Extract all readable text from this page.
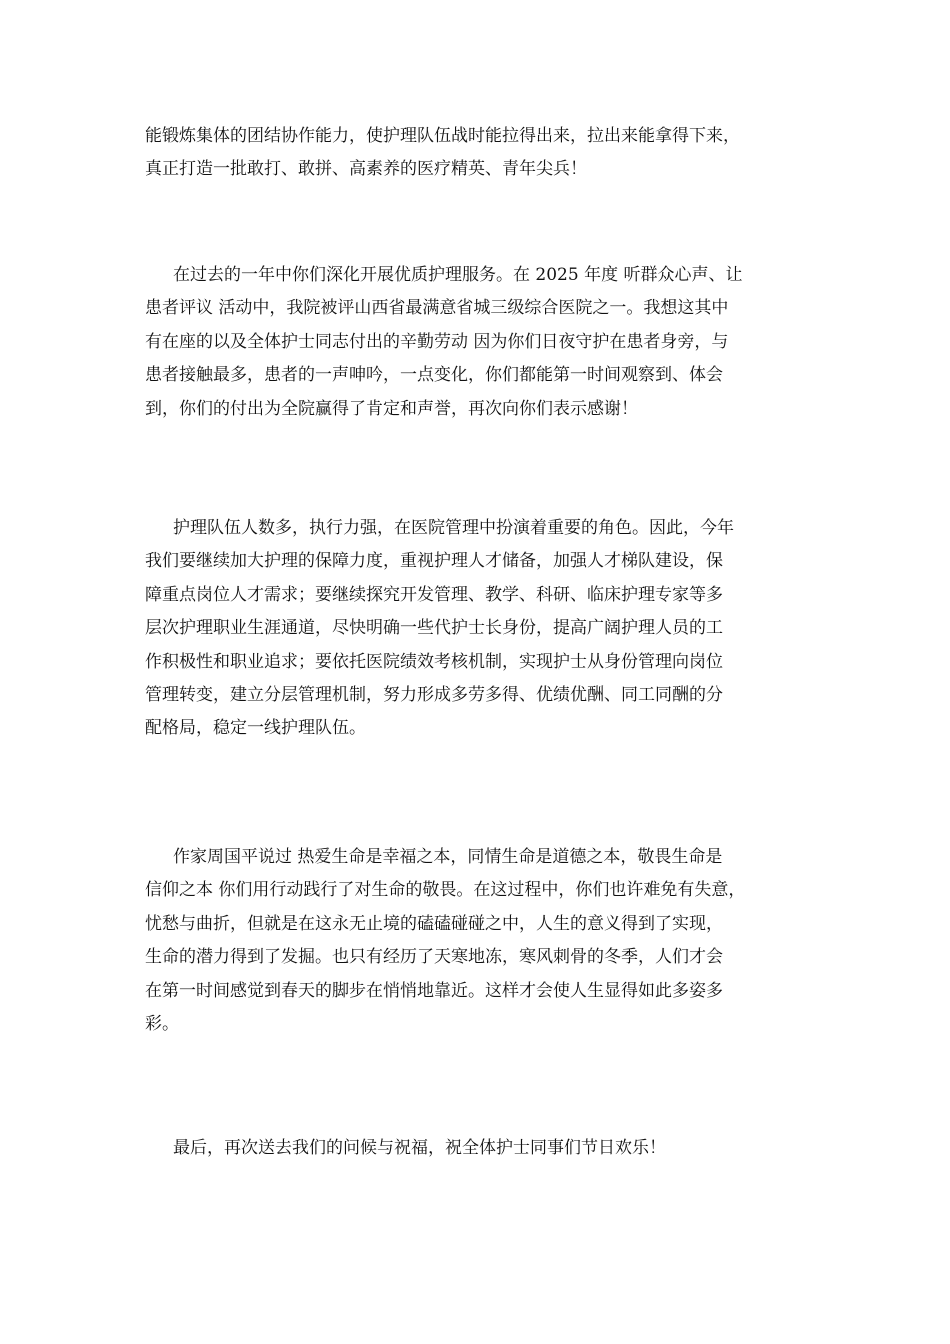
能锻炼集体的团结协作能力，使护理队伍战时能拉得出来，拉出来能拿得下来，
真正打造一批敢打、敢拼、高素养的医疗精英、青年尖兵！
在过去的一年中你们深化开展优质护理服务。在 2025 年度 听群众心声、让
患者评议 活动中，我院被评山西省最满意省城三级综合医院之一。我想这其中
有在座的以及全体护士同志付出的辛勤劳动 因为你们日夜守护在患者身旁，与
患者接触最多，患者的一声呻吟，一点变化，你们都能第一时间观察到、体会
到，你们的付出为全院赢得了肯定和声誉，再次向你们表示感谢！
护理队伍人数多，执行力强，在医院管理中扮演着重要的角色。因此，今年
我们要继续加大护理的保障力度，重视护理人才储备，加强人才梯队建设，保
障重点岗位人才需求；要继续探究开发管理、教学、科研、临床护理专家等多
层次护理职业生涯通道，尽快明确一些代护士长身份，提高广阔护理人员的工
作积极性和职业追求；要依托医院绩效考核机制，实现护士从身份管理向岗位
管理转变，建立分层管理机制，努力形成多劳多得、优绩优酬、同工同酬的分
配格局，稳定一线护理队伍。
作家周国平说过 热爱生命是幸福之本，同情生命是道德之本，敬畏生命是
信仰之本 你们用行动践行了对生命的敬畏。在这过程中，你们也许难免有失意，
忧愁与曲折，但就是在这永无止境的磕磕碰碰之中，人生的意义得到了实现，
生命的潜力得到了发掘。也只有经历了天寒地冻，寒风刺骨的冬季，人们才会
在第一时间感觉到春天的脚步在悄悄地靠近。这样才会使人生显得如此多姿多
彩。
最后，再次送去我们的问候与祝福，祝全体护士同事们节日欢乐！
